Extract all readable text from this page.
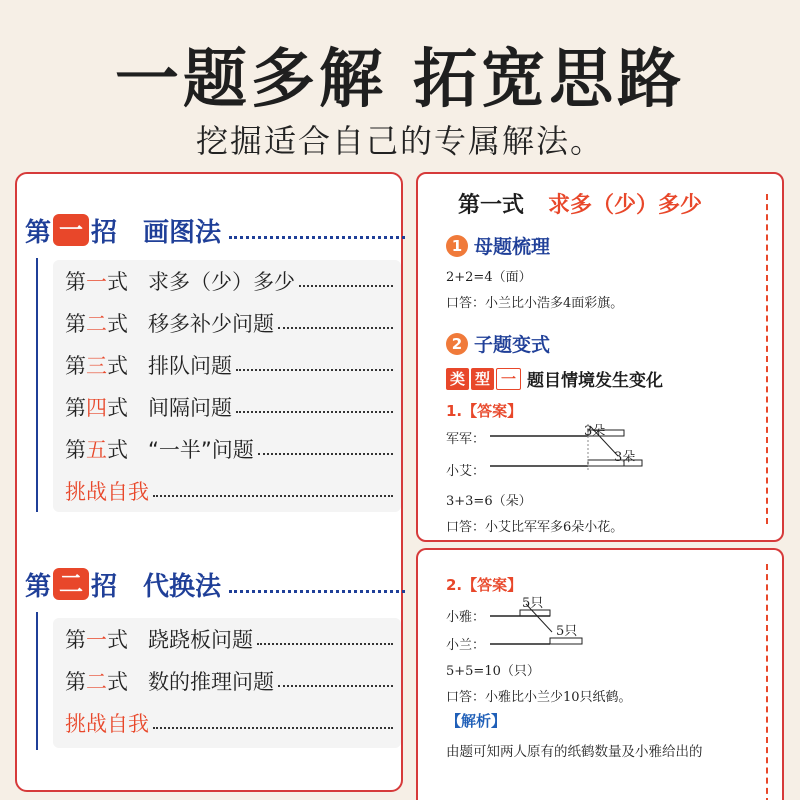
一题多解 拓宽思路
挖掘适合自己的专属解法。
第 一 招 画图法
第 一 式 求多（少）多少
第 二 式 移多补少问题
第 三 式 排队问题
第 四 式 间隔问题
第 五 式 “一半”问题
挑战自我
第 二 招 代换法
第 一 式 跷跷板问题
第 二 式 数的推理问题
挑战自我
第一式 求多（少）多少
1 母题梳理
2+2=4（面）
口答：小兰比小浩多4面彩旗。
2 子题变式
类 型 一 题目情境发生变化
1.【答案】
军军：
小艾：
3朵
3朵
3+3=6（朵）
口答：小艾比军军多6朵小花。
2.【答案】
小雅：
小兰：
5只
5只
5+5=10（只）
口答：小雅比小兰少10只纸鹤。
【解析】
由题可知两人原有的纸鹤数量及小雅给出的
